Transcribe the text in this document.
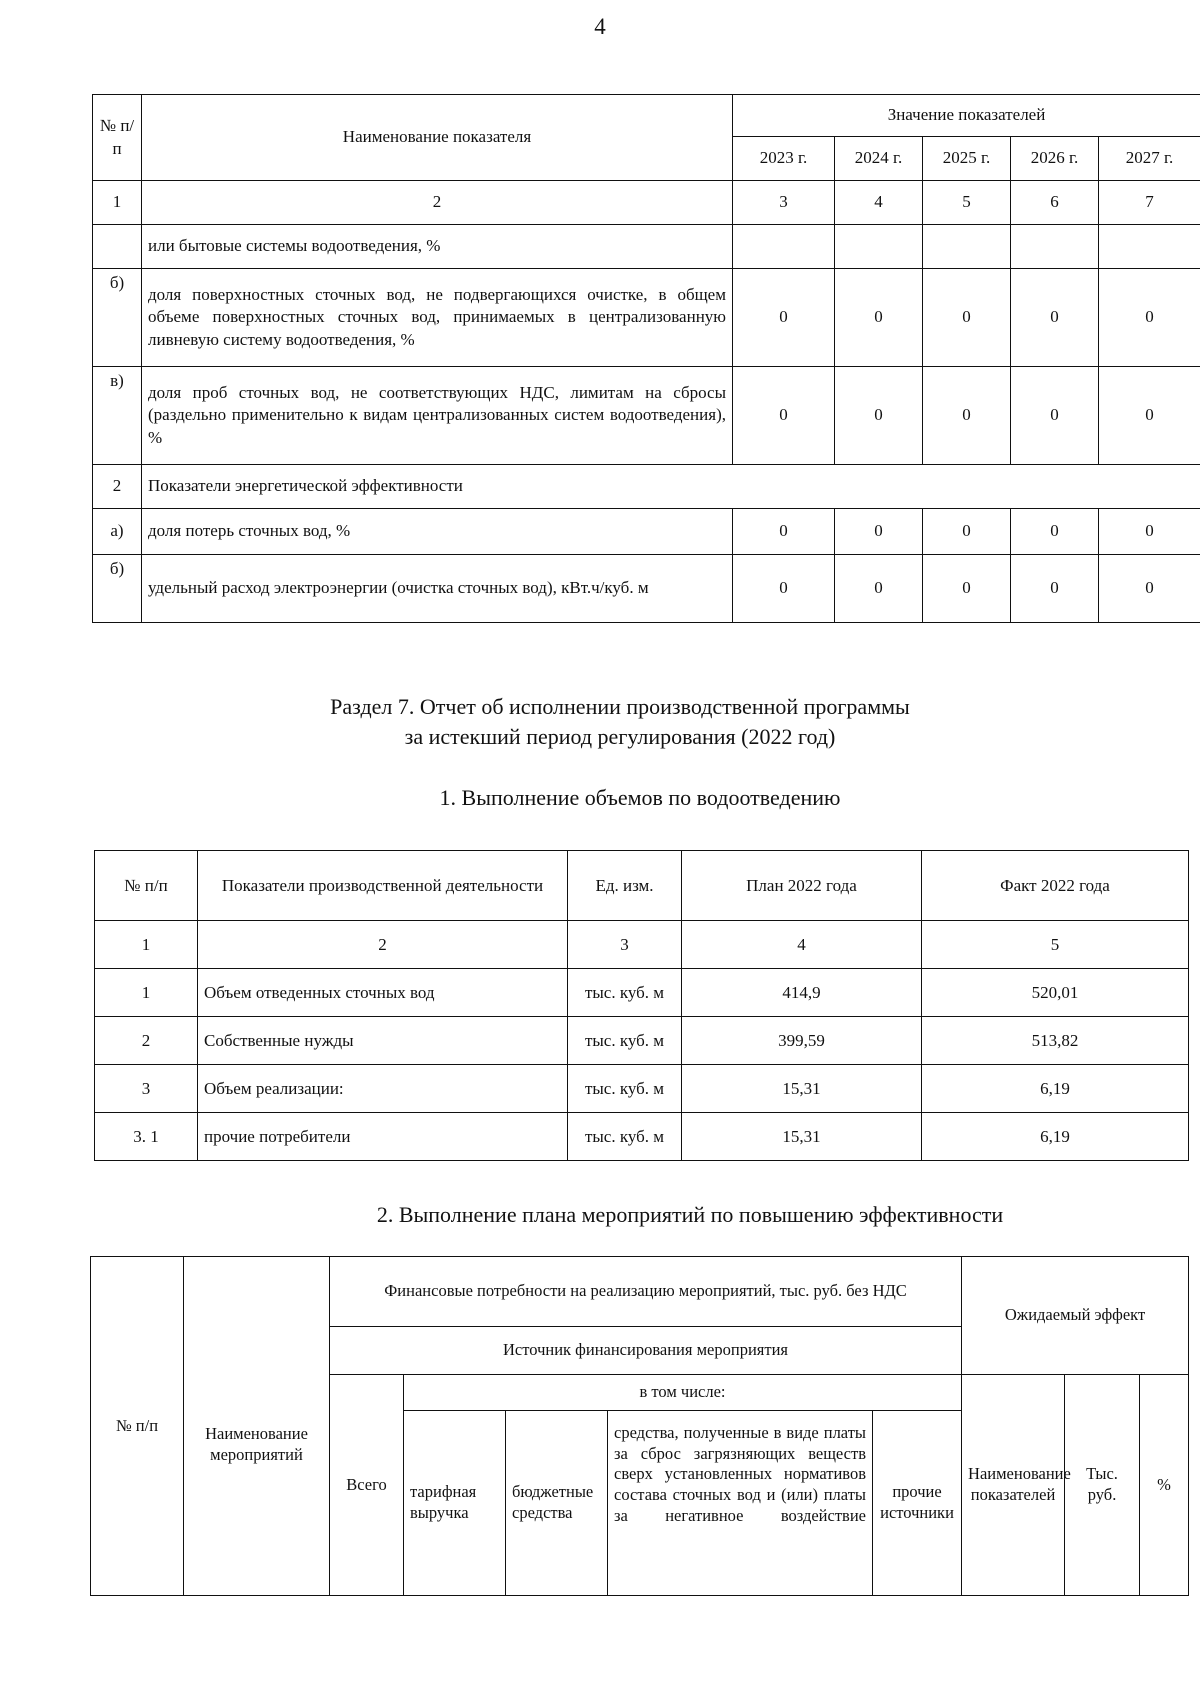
4
№ п/п	Наименование показателя	Значение показателей				
		2023 г.	2024 г.	2025 г.	2026 г.	2027 г.
1	2	3	4	5	6	7
	или бытовые системы водоотведения, %					
б)	доля поверхностных сточных вод, не подвергающихся очистке, в общем объеме поверхностных сточных вод, принимаемых в централизованную ливневую систему водоотведения, %	0	0	0	0	0
в)	доля проб сточных вод, не соответствующих НДС, лимитам на сбросы (раздельно применительно к видам централизованных систем водоотведения), %	0	0	0	0	0
2	Показатели энергетической эффективности					
а)	доля потерь сточных вод, %	0	0	0	0	0
б)	удельный расход электроэнергии (очистка сточных вод), кВт.ч/куб. м	0	0	0	0	0
Раздел 7. Отчет об исполнении производственной программы
за истекший период регулирования (2022 год)
1. Выполнение объемов по водоотведению
№ п/п	Показатели производственной деятельности	Ед. изм.	План 2022 года	Факт 2022 года
1	2	3	4	5
1	Объем отведенных сточных вод	тыс. куб. м	414,9	520,01
2	Собственные нужды	тыс. куб. м	399,59	513,82
3	Объем реализации:	тыс. куб. м	15,31	6,19
3. 1	прочие потребители	тыс. куб. м	15,31	6,19
2. Выполнение плана мероприятий по повышению эффективности
№ п/п	Наименование мероприятий	Финансовые потребности на реализацию мероприятий, тыс. руб. без НДС					Ожидаемый эффект		
		Источник финансирования мероприятия							
		Всего	в том числе:				Наименование показателей	Тыс. руб.	%
			тарифная выручка	бюджетные средства	средства, полученные в виде платы за сброс загрязняющих веществ сверх установленных нормативов состава сточных вод и (или) платы за негативное воздействие	прочие источники			
